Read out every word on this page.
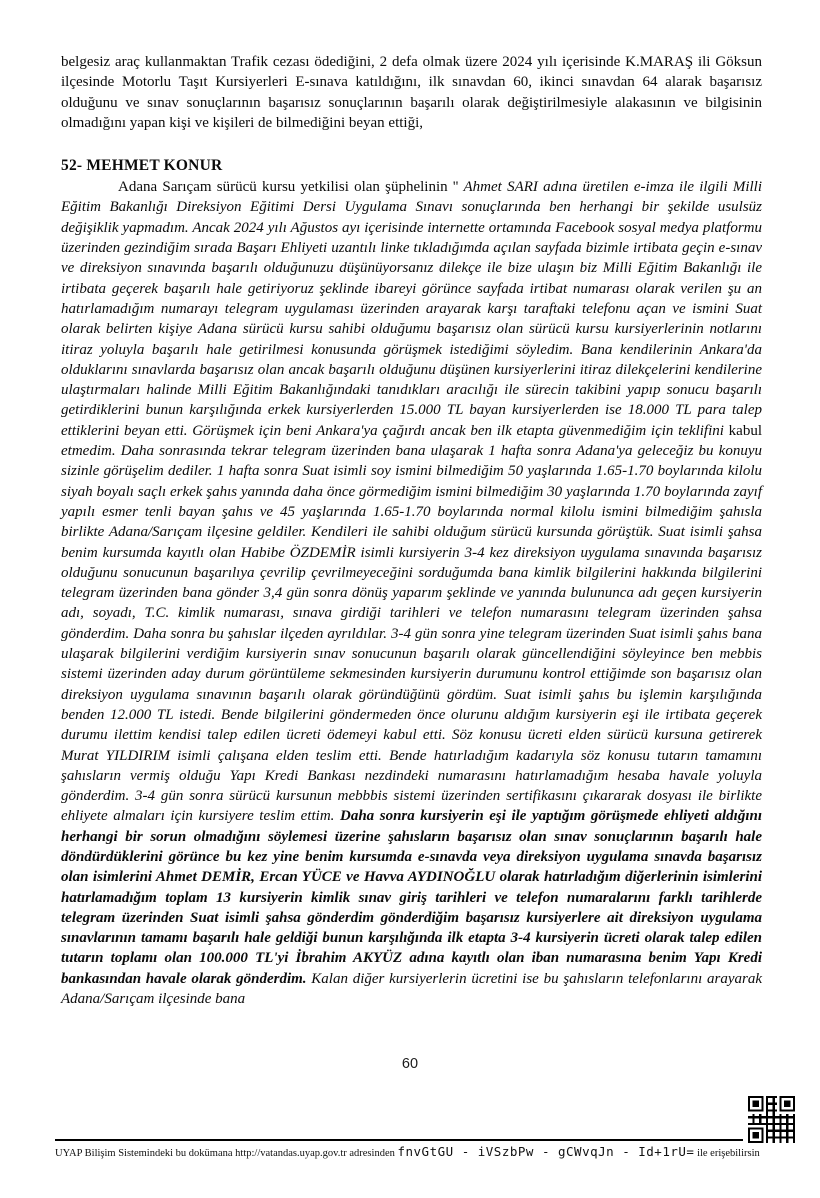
belgesiz araç kullanmaktan Trafik cezası ödediğini, 2 defa olmak üzere 2024 yılı içerisinde K.MARAŞ ili Göksun ilçesinde Motorlu Taşıt Kursiyerleri E-sınava katıldığını, ilk sınavdan 60, ikinci sınavdan 64 alarak başarısız olduğunu ve sınav sonuçlarının başarısız sonuçlarının başarılı olarak değiştirilmesiyle alakasının ve bilgisinin olmadığını yapan kişi ve kişileri de bilmediğini beyan ettiği,

52- MEHMET KONUR

Adana Sarıçam sürücü kursu yetkilisi olan şüphelinin '' Ahmet SARI adına üretilen e-imza ile ilgili Milli Eğitim Bakanlığı Direksiyon Eğitimi Dersi Uygulama Sınavı sonuçlarında ben herhangi bir şekilde usulsüz değişiklik yapmadım. Ancak 2024 yılı Ağustos ayı içerisinde internette ortamında Facebook sosyal medya platformu üzerinden gezindiğim sırada Başarı Ehliyeti uzantılı linke tıkladığımda açılan sayfada bizimle irtibata geçin e-sınav ve direksiyon sınavında başarılı olduğunuzu düşünüyorsanız dilekçe ile bize ulaşın biz Milli Eğitim Bakanlığı ile irtibata geçerek başarılı hale getiriyoruz şeklinde ibareyi görünce sayfada irtibat numarası olarak verilen şu an hatırlamadığım numarayı telegram uygulaması üzerinden arayarak karşı taraftaki telefonu açan ve ismini Suat olarak belirten kişiye Adana sürücü kursu sahibi olduğumu başarısız olan sürücü kursu kursiyerlerinin notlarını itiraz yoluyla başarılı hale getirilmesi konusunda görüşmek istediğimi söyledim. Bana kendilerinin Ankara'da olduklarını sınavlarda başarısız olan ancak başarılı olduğunu düşünen kursiyerlerini itiraz dilekçelerini kendilerine ulaştırmaları halinde Milli Eğitim Bakanlığındaki tanıdıkları aracılığı ile sürecin takibini yapıp sonucu başarılı getirdiklerini bunun karşılığında erkek kursiyerlerden 15.000 TL bayan kursiyerlerden ise 18.000 TL para talep ettiklerini beyan etti. Görüşmek için beni Ankara'ya çağırdı ancak ben ilk etapta güvenmediğim için teklifini kabul etmedim. Daha sonrasında tekrar telegram üzerinden bana ulaşarak 1 hafta sonra Adana'ya geleceğiz bu konuyu sizinle görüşelim dediler. 1 hafta sonra Suat isimli soy ismini bilmediğim 50 yaşlarında 1.65-1.70 boylarında kilolu siyah boyalı saçlı erkek şahıs yanında daha önce görmediğim ismini bilmediğim 30 yaşlarında 1.70 boylarında zayıf yapılı esmer tenli bayan şahıs ve 45 yaşlarında 1.65-1.70 boylarında normal kilolu ismini bilmediğim şahısla birlikte Adana/Sarıçam ilçesine geldiler. Kendileri ile sahibi olduğum sürücü kursunda görüştük. Suat isimli şahsa benim kursumda kayıtlı olan Habibe ÖZDEMİR isimli kursiyerin 3-4 kez direksiyon uygulama sınavında başarısız olduğunu sonucunun başarılıya çevrilip çevrilmeyeceğini sorduğumda bana kimlik bilgilerini hakkında bilgilerini telegram üzerinden bana gönder 3,4 gün sonra dönüş yaparım şeklinde ve yanında bulununca adı geçen kursiyerin adı, soyadı, T.C. kimlik numarası, sınava girdiği tarihleri ve telefon numarasını telegram üzerinden şahsa gönderdim. Daha sonra bu şahıslar ilçeden ayrıldılar. 3-4 gün sonra yine telegram üzerinden Suat isimli şahıs bana ulaşarak bilgilerini verdiğim kursiyerin sınav sonucunun başarılı olarak güncellendiğini söyleyince ben mebbis sistemi üzerinden aday durum görüntüleme sekmesinden kursiyerin durumunu kontrol ettiğimde son başarısız olan direksiyon uygulama sınavının başarılı olarak göründüğünü gördüm. Suat isimli şahıs bu işlemin karşılığında benden 12.000 TL istedi. Bende bilgilerini göndermeden önce olurunu aldığım kursiyerin eşi ile irtibata geçerek durumu ilettim kendisi talep edilen ücreti ödemeyi kabul etti. Söz konusu ücreti elden sürücü kursuna getirerek Murat YILDIRIM isimli çalışana elden teslim etti. Bende hatırladığım kadarıyla söz konusu tutarın tamamını şahısların vermiş olduğu Yapı Kredi Bankası nezdindeki numarasını hatırlamadığım hesaba havale yoluyla gönderdim. 3-4 gün sonra sürücü kursunun mebbbis sistemi üzerinden sertifikasını çıkararak dosyası ile birlikte ehliyete almaları için kursiyere teslim ettim. Daha sonra kursiyerin eşi ile yaptığım görüşmede ehliyeti aldığını herhangi bir sorun olmadığını söylemesi üzerine şahısların başarısız olan sınav sonuçlarının başarılı hale döndürdüklerini görünce bu kez yine benim kursumda e-sınavda veya direksiyon uygulama sınavda başarısız olan isimlerini Ahmet DEMİR, Ercan YÜCE ve Havva AYDINOĞLU olarak hatırladığım diğerlerinin isimlerini hatırlamadığım toplam 13 kursiyerin kimlik sınav giriş tarihleri ve telefon numaralarını farklı tarihlerde telegram üzerinden Suat isimli şahsa gönderdim gönderdiğim başarısız kursiyerlere ait direksiyon uygulama sınavlarının tamamı başarılı hale geldiği bunun karşılığında ilk etapta 3-4 kursiyerin ücreti olarak talep edilen tutarın toplamı olan 100.000 TL'yi İbrahim AKYÜZ adına kayıtlı olan iban numarasına benim Yapı Kredi bankasından havale olarak gönderdim. Kalan diğer kursiyerlerin ücretini ise bu şahısların telefonlarını arayarak Adana/Sarıçam ilçesinde bana

60
UYAP Bilişim Sistemindeki bu dokümana http://vatandas.uyap.gov.tr adresinden fnvGtGU - iVSzbPw - gCWvqJn - Id+1rU= ile erişebilirsin
